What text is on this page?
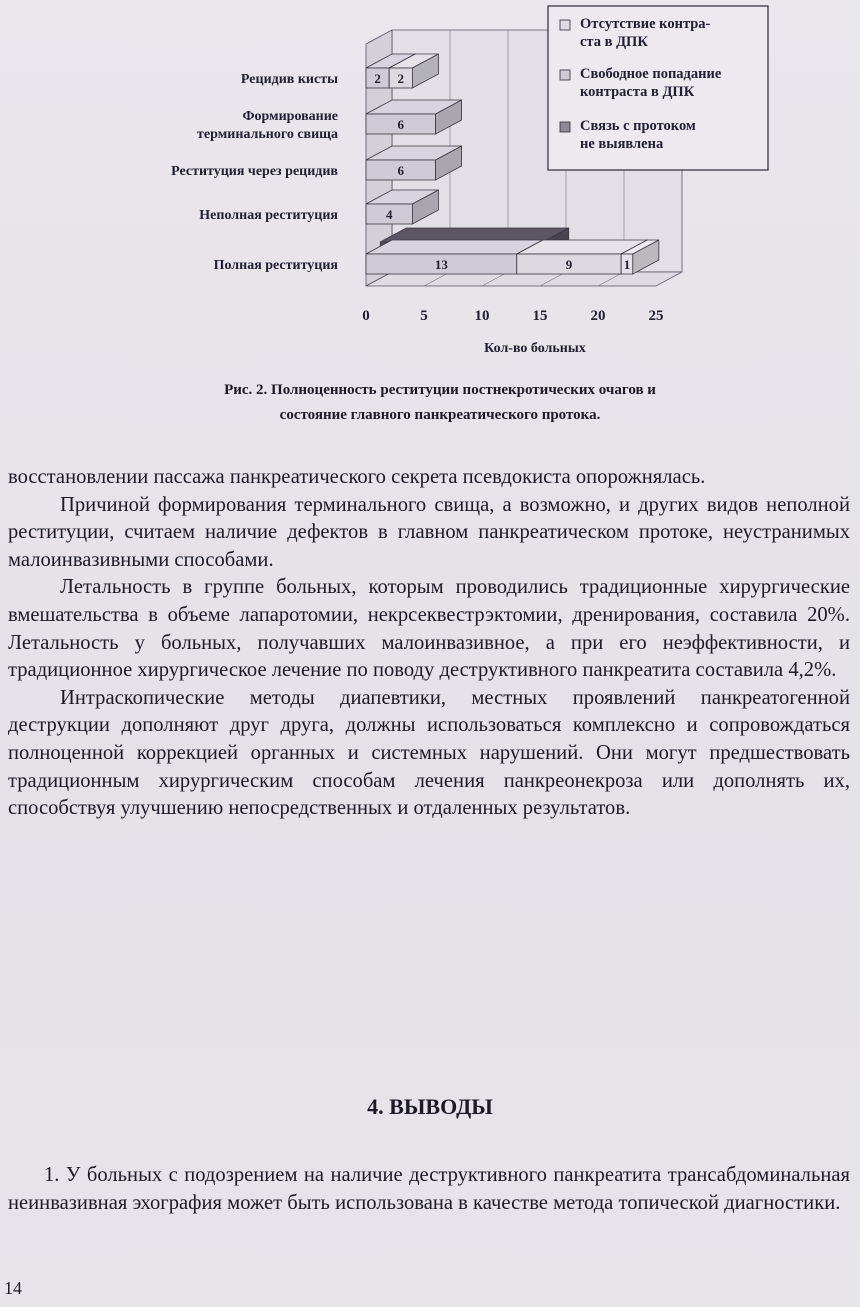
2 2
6
6
4
13	9	1
Рецидив кисты
Формирование терминального свища
Реституция через рецидив
Неполная реституция
Полная реституция
0	5	10	15	20	25
Кол-во больных
Отсутствие контра-ста в ДПК
Свободное попадание контраста в ДПК
Связь с протоком не выявлена
Рис. 2. Полноценность реституции постнекротических очагов и
состояние главного панкреатического протока.

восстановлении пассажа панкреатического секрета псевдокиста опорожнялась.

Причиной формирования терминального свища, а возможно, и других видов неполной реституции, считаем наличие дефектов в главном панкреатическом протоке, неустранимых малоинвазивными способами.

Летальность в группе больных, которым проводились традиционные хирургические вмешательства в объеме лапаротомии, некрсеквестрэктомии, дренирования, составила 20%. Летальность у больных, получавших малоинвазивное, а при его неэффективности, и традиционное хирургическое лечение по поводу деструктивного панкреатита составила 4,2%.

Интраскопические методы диапевтики, местных проявлений панкреатогенной деструкции дополняют друг друга, должны использоваться комплексно и сопровождаться полноценной коррекцией органных и системных нарушений. Они могут предшествовать традиционным хирургическим способам лечения панкреонекроза или дополнять их, способствуя улучшению непосредственных и отдаленных результатов.

4. ВЫВОДЫ
1. У больных с подозрением на наличие деструктивного панкреатита трансабдоминальная неинвазивная эхография может быть использована в качестве метода топической диагностики.
14
